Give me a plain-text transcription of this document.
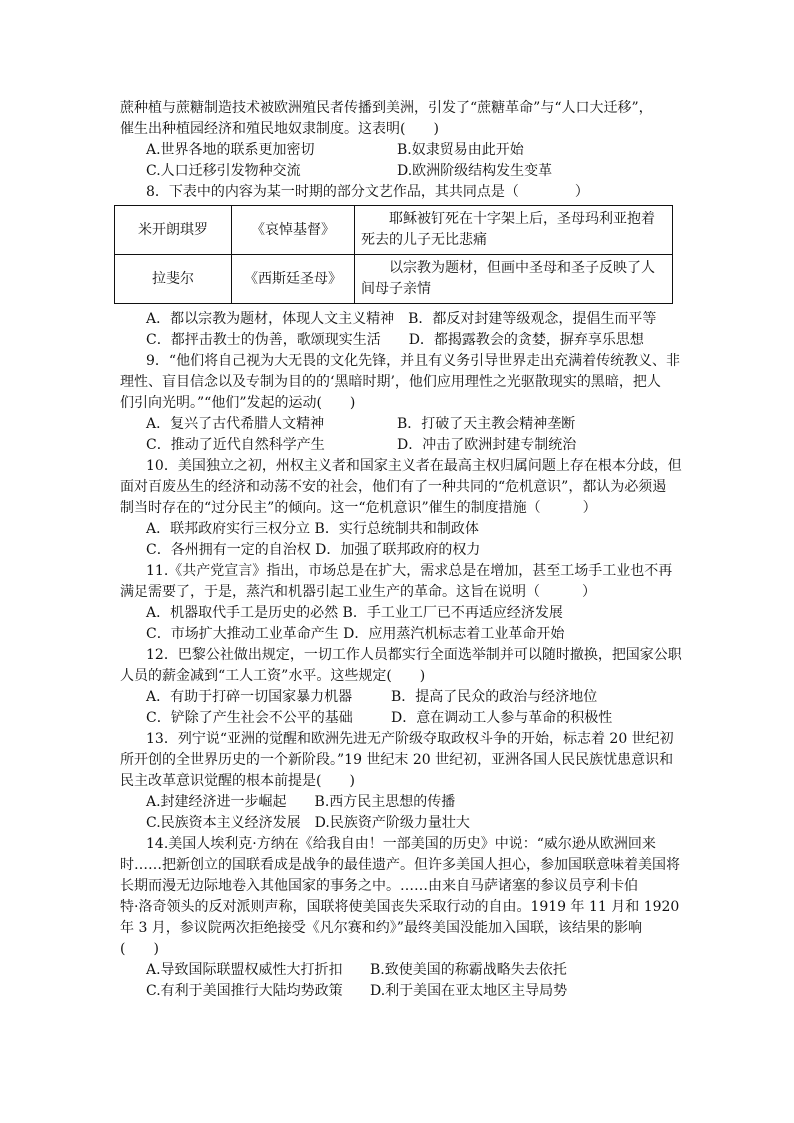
蔗种植与蔗糖制造技术被欧洲殖民者传播到美洲，引发了“蔗糖革命”与“人口大迁移”，
催生出种植园经济和殖民地奴隶制度。这表明(　　)
A.世界各地的联系更加密切	B.奴隶贸易由此开始
C.人口迁移引发物种交流	D.欧洲阶级结构发生变革
8．下表中的内容为某一时期的部分文艺作品，其共同点是（　　　　）
米开朗琪罗	《哀悼基督》	耶稣被钉死在十字架上后，圣母玛利亚抱着死去的儿子无比悲痛
拉斐尔	《西斯廷圣母》	以宗教为题材，但画中圣母和圣子反映了人间母子亲情
A．都以宗教为题材，体现人文主义精神　B．都反对封建等级观念，提倡生而平等
C．都抨击教士的伪善，歌颂现实生活　　D．都揭露教会的贪婪，摒弃享乐思想
9．“他们将自己视为大无畏的文化先锋，并且有义务引导世界走出充满着传统教义、非
理性、盲目信念以及专制为目的的‘黑暗时期’，他们应用理性之光驱散现实的黑暗，把人
们引向光明。”“他们”发起的运动(　　)
A．复兴了古代希腊人文精神	B．打破了天主教会精神垄断
C．推动了近代自然科学产生	D．冲击了欧洲封建专制统治
10．美国独立之初，州权主义者和国家主义者在最高主权归属问题上存在根本分歧，但
面对百废丛生的经济和动荡不安的社会，他们有了一种共同的“危机意识”，都认为必须遏
制当时存在的“过分民主”的倾向。这一“危机意识”催生的制度措施（　　　）
A．联邦政府实行三权分立 B．实行总统制共和制政体
C．各州拥有一定的自治权 D．加强了联邦政府的权力
11.《共产党宣言》指出，市场总是在扩大，需求总是在增加，甚至工场手工业也不再
满足需要了，于是，蒸汽和机器引起工业生产的革命。这旨在说明（　　　）
A．机器取代手工是历史的必然 B．手工业工厂已不再适应经济发展
C．市场扩大推动工业革命产生 D．应用蒸汽机标志着工业革命开始
12．巴黎公社做出规定，一切工作人员都实行全面选举制并可以随时撤换，把国家公职
人员的薪金减到“工人工资”水平。这些规定(　　)
A．有助于打碎一切国家暴力机器	B．提高了民众的政治与经济地位
C．铲除了产生社会不公平的基础	D．意在调动工人参与革命的积极性
13．列宁说“亚洲的觉醒和欧洲先进无产阶级夺取政权斗争的开始，标志着 20 世纪初
所开创的全世界历史的一个新阶段。”19 世纪末 20 世纪初，亚洲各国人民民族忧患意识和
民主改革意识觉醒的根本前提是(　　)
A.封建经济进一步崛起　　B.西方民主思想的传播
C.民族资本主义经济发展　D.民族资产阶级力量壮大
14.美国人埃利克·方纳在《给我自由！一部美国的历史》中说：“威尔逊从欧洲回来
时……把新创立的国联看成是战争的最佳遗产。但许多美国人担心，参加国联意味着美国将
长期而漫无边际地卷入其他国家的事务之中。……由来自马萨诸塞的参议员亨利卡伯
特·洛奇领头的反对派则声称，国联将使美国丧失采取行动的自由。1919 年 11 月和 1920
年 3 月，参议院两次拒绝接受《凡尔赛和约》”最终美国没能加入国联，该结果的影响
(　　)
A.导致国际联盟权威性大打折扣 B.致使美国的称霸战略失去依托
C.有利于美国推行大陆均势政策 D.利于美国在亚太地区主导局势
